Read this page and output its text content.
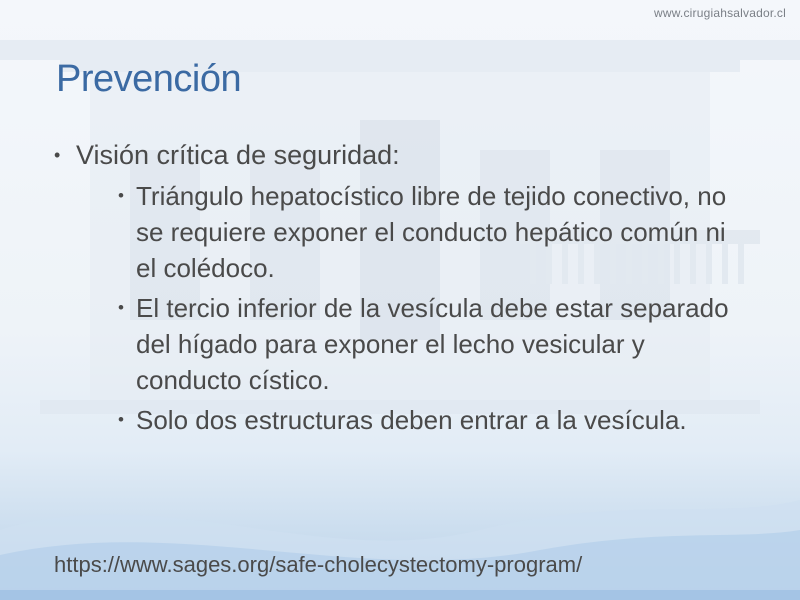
www.cirugiahsalvador.cl
Prevención
• Visión crítica de seguridad:
• Triángulo hepatocístico libre de tejido conectivo, no se requiere exponer el conducto hepático común ni el colédoco.
• El tercio inferior de la vesícula debe estar separado del hígado para exponer el lecho vesicular y conducto cístico.
• Solo dos estructuras deben entrar a la vesícula.
https://www.sages.org/safe-cholecystectomy-program/
